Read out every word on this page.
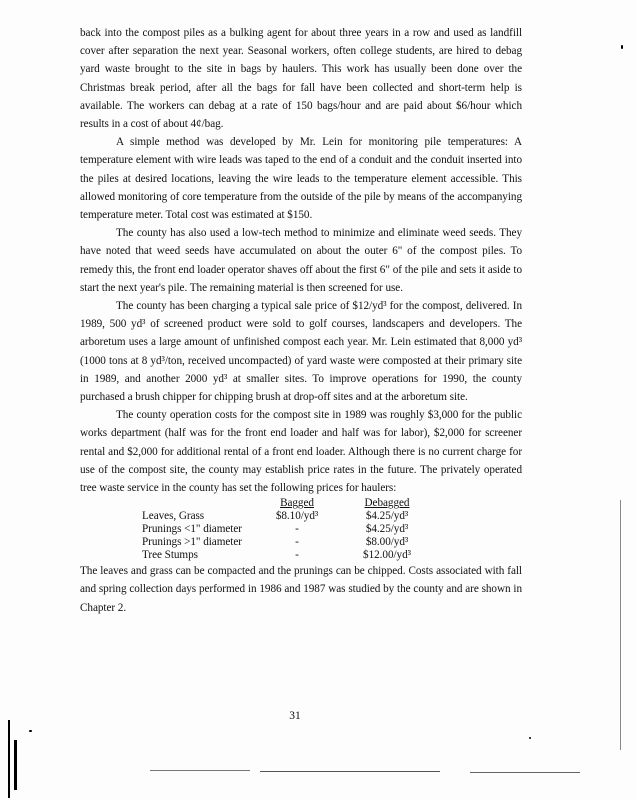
back into the compost piles as a bulking agent for about three years in a row and used as landfill cover after separation the next year. Seasonal workers, often college students, are hired to debag yard waste brought to the site in bags by haulers. This work has usually been done over the Christmas break period, after all the bags for fall have been collected and short-term help is available. The workers can debag at a rate of 150 bags/hour and are paid about $6/hour which results in a cost of about 4¢/bag.

A simple method was developed by Mr. Lein for monitoring pile temperatures: A temperature element with wire leads was taped to the end of a conduit and the conduit inserted into the piles at desired locations, leaving the wire leads to the temperature element accessible. This allowed monitoring of core temperature from the outside of the pile by means of the accompanying temperature meter. Total cost was estimated at $150.

The county has also used a low-tech method to minimize and eliminate weed seeds. They have noted that weed seeds have accumulated on about the outer 6" of the compost piles. To remedy this, the front end loader operator shaves off about the first 6" of the pile and sets it aside to start the next year's pile. The remaining material is then screened for use.

The county has been charging a typical sale price of $12/yd³ for the compost, delivered. In 1989, 500 yd³ of screened product were sold to golf courses, landscapers and developers. The arboretum uses a large amount of unfinished compost each year. Mr. Lein estimated that 8,000 yd³ (1000 tons at 8 yd³/ton, received uncompacted) of yard waste were composted at their primary site in 1989, and another 2000 yd³ at smaller sites. To improve operations for 1990, the county purchased a brush chipper for chipping brush at drop-off sites and at the arboretum site.

The county operation costs for the compost site in 1989 was roughly $3,000 for the public works department (half was for the front end loader and half was for labor), $2,000 for screener rental and $2,000 for additional rental of a front end loader. Although there is no current charge for use of the compost site, the county may establish price rates in the future. The privately operated tree waste service in the county has set the following prices for haulers:

	Bagged	Debagged
Leaves, Grass	$8.10/yd³	$4.25/yd³
Prunings <1" diameter	-	$4.25/yd³
Prunings >1" diameter	-	$8.00/yd³
Tree Stumps	-	$12.00/yd³

The leaves and grass can be compacted and the prunings can be chipped. Costs associated with fall and spring collection days performed in 1986 and 1987 was studied by the county and are shown in Chapter 2.

31
